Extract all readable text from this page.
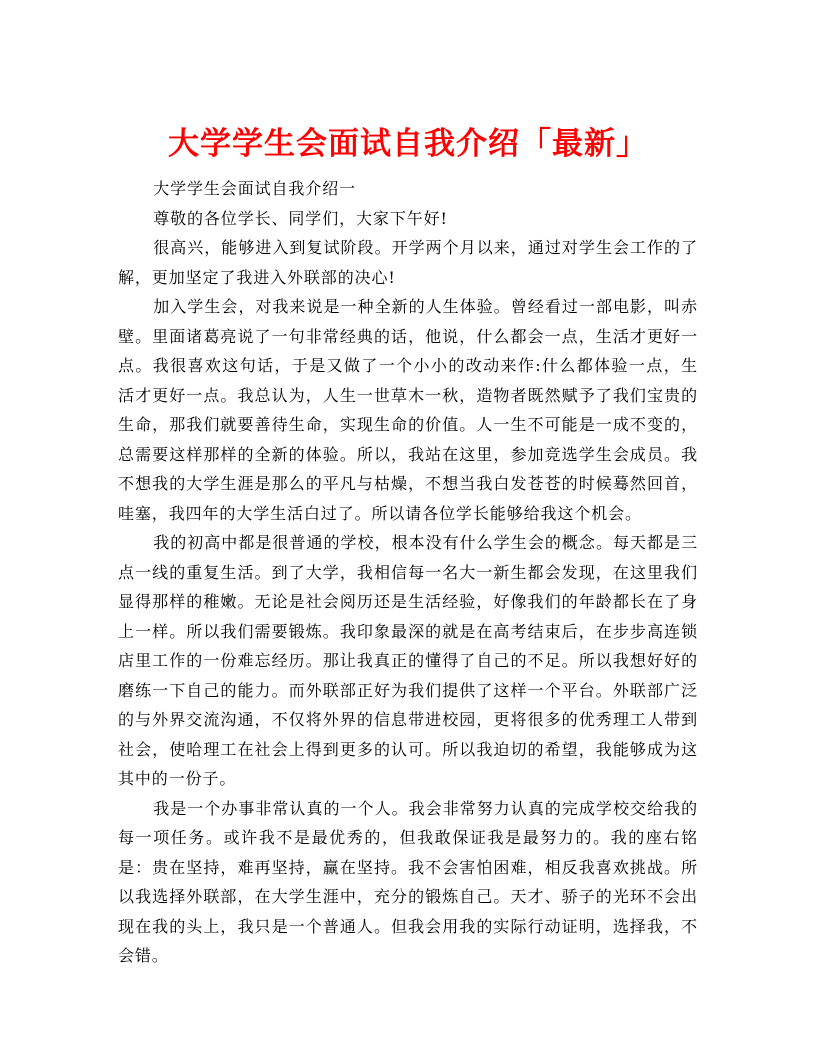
大学学生会面试自我介绍「最新」

大学学生会面试自我介绍一

尊敬的各位学长、同学们，大家下午好!

很高兴，能够进入到复试阶段。开学两个月以来，通过对学生会工作的了解，更加坚定了我进入外联部的决心!

加入学生会，对我来说是一种全新的人生体验。曾经看过一部电影，叫赤壁。里面诸葛亮说了一句非常经典的话，他说，什么都会一点，生活才更好一点。我很喜欢这句话，于是又做了一个小小的改动来作:什么都体验一点，生活才更好一点。我总认为，人生一世草木一秋，造物者既然赋予了我们宝贵的生命，那我们就要善待生命，实现生命的价值。人一生不可能是一成不变的，总需要这样那样的全新的体验。所以，我站在这里，参加竞选学生会成员。我不想我的大学生涯是那么的平凡与枯燥，不想当我白发苍苍的时候蓦然回首，哇塞，我四年的大学生活白过了。所以请各位学长能够给我这个机会。

我的初高中都是很普通的学校，根本没有什么学生会的概念。每天都是三点一线的重复生活。到了大学，我相信每一名大一新生都会发现，在这里我们显得那样的稚嫩。无论是社会阅历还是生活经验，好像我们的年龄都长在了身上一样。所以我们需要锻炼。我印象最深的就是在高考结束后，在步步高连锁店里工作的一份难忘经历。那让我真正的懂得了自己的不足。所以我想好好的磨练一下自己的能力。而外联部正好为我们提供了这样一个平台。外联部广泛的与外界交流沟通，不仅将外界的信息带进校园，更将很多的优秀理工人带到社会，使哈理工在社会上得到更多的认可。所以我迫切的希望，我能够成为这其中的一份子。

我是一个办事非常认真的一个人。我会非常努力认真的完成学校交给我的每一项任务。或许我不是最优秀的，但我敢保证我是最努力的。我的座右铭是：贵在坚持，难再坚持，赢在坚持。我不会害怕困难，相反我喜欢挑战。所以我选择外联部，在大学生涯中，充分的锻炼自己。天才、骄子的光环不会出现在我的头上，我只是一个普通人。但我会用我的实际行动证明，选择我，不会错。
